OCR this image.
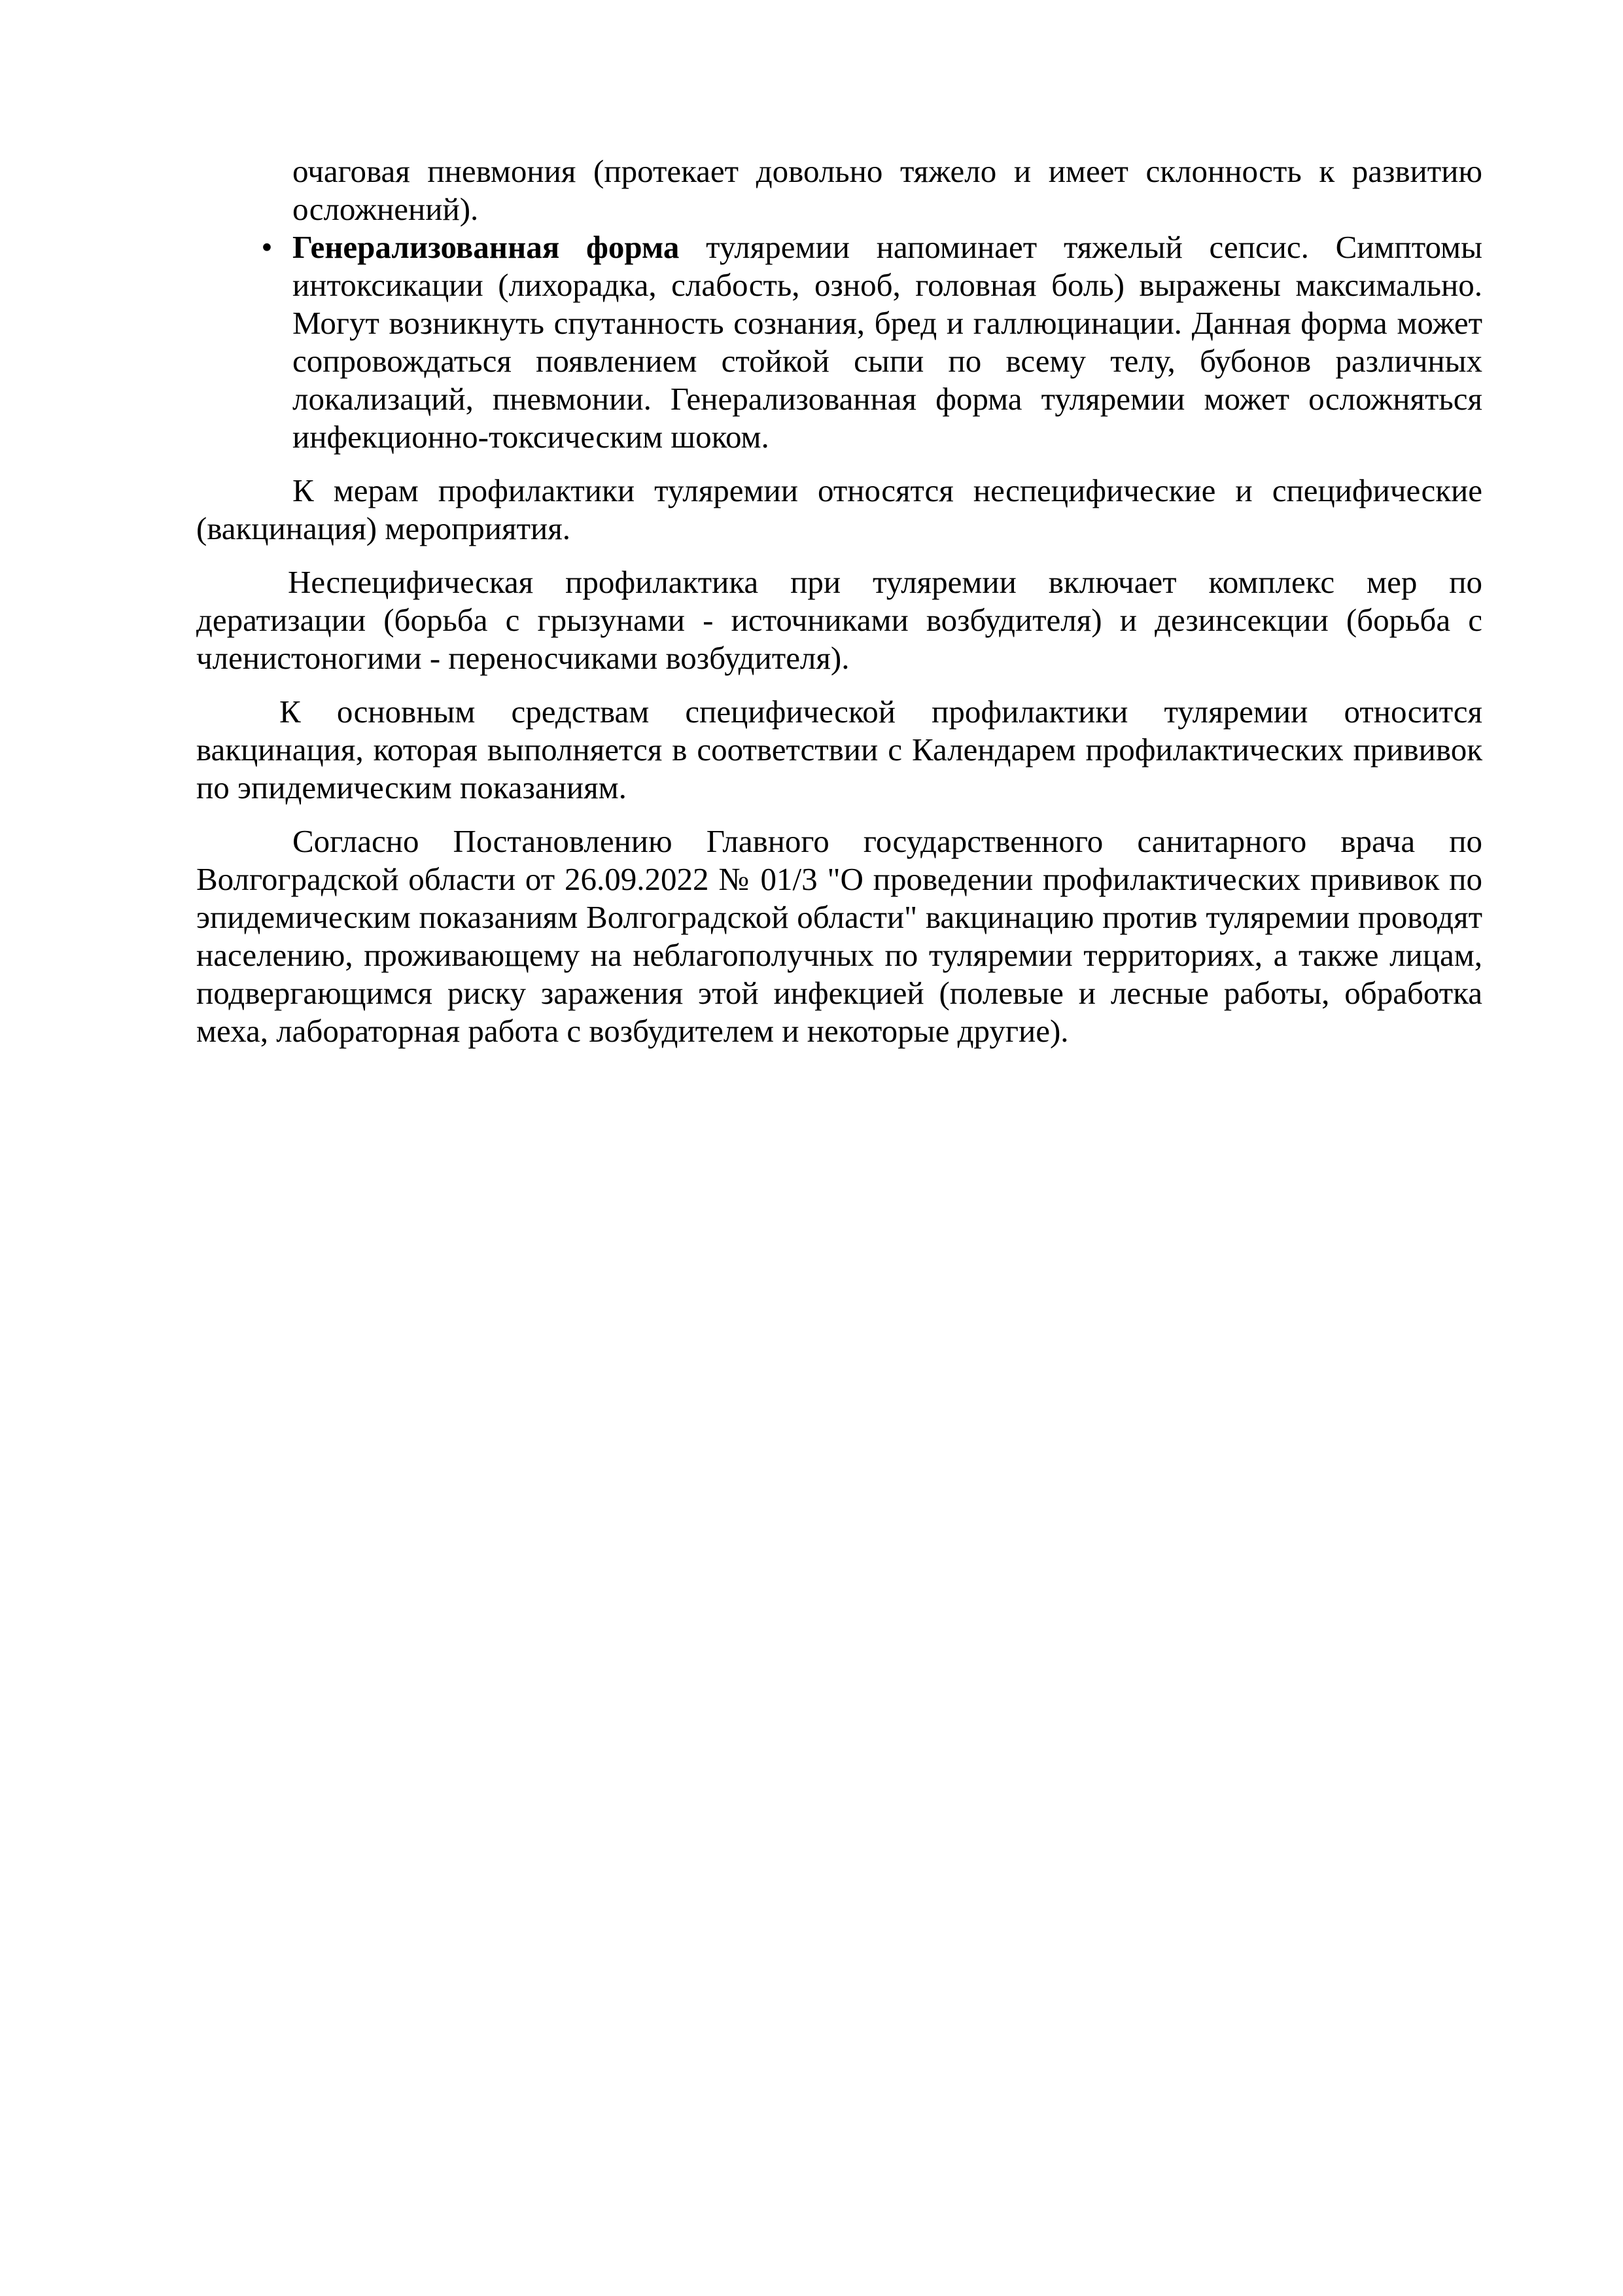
очаговая пневмония (протекает довольно тяжело и имеет склонность к развитию осложнений).
• Генерализованная форма туляремии напоминает тяжелый сепсис. Симптомы интоксикации (лихорадка, слабость, озноб, головная боль) выражены максимально. Могут возникнуть спутанность сознания, бред и галлюцинации. Данная форма может сопровождаться появлением стойкой сыпи по всему телу, бубонов различных локализаций, пневмонии. Генерализованная форма туляремии может осложняться инфекционно-токсическим шоком.

К мерам профилактики туляремии относятся неспецифические и специфические (вакцинация) мероприятия.

Неспецифическая профилактика при туляремии включает комплекс мер по дератизации (борьба с грызунами - источниками возбудителя) и дезинсекции (борьба с членистоногими - переносчиками возбудителя).

К основным средствам специфической профилактики туляремии относится вакцинация, которая выполняется в соответствии с Календарем профилактических прививок по эпидемическим показаниям.

Согласно Постановлению Главного государственного санитарного врача по Волгоградской области от 26.09.2022 № 01/3 "О проведении профилактических прививок по эпидемическим показаниям Волгоградской области" вакцинацию против туляремии проводят населению, проживающему на неблагополучных по туляремии территориях, а также лицам, подвергающимся риску заражения этой инфекцией (полевые и лесные работы, обработка меха, лабораторная работа с возбудителем и некоторые другие).
